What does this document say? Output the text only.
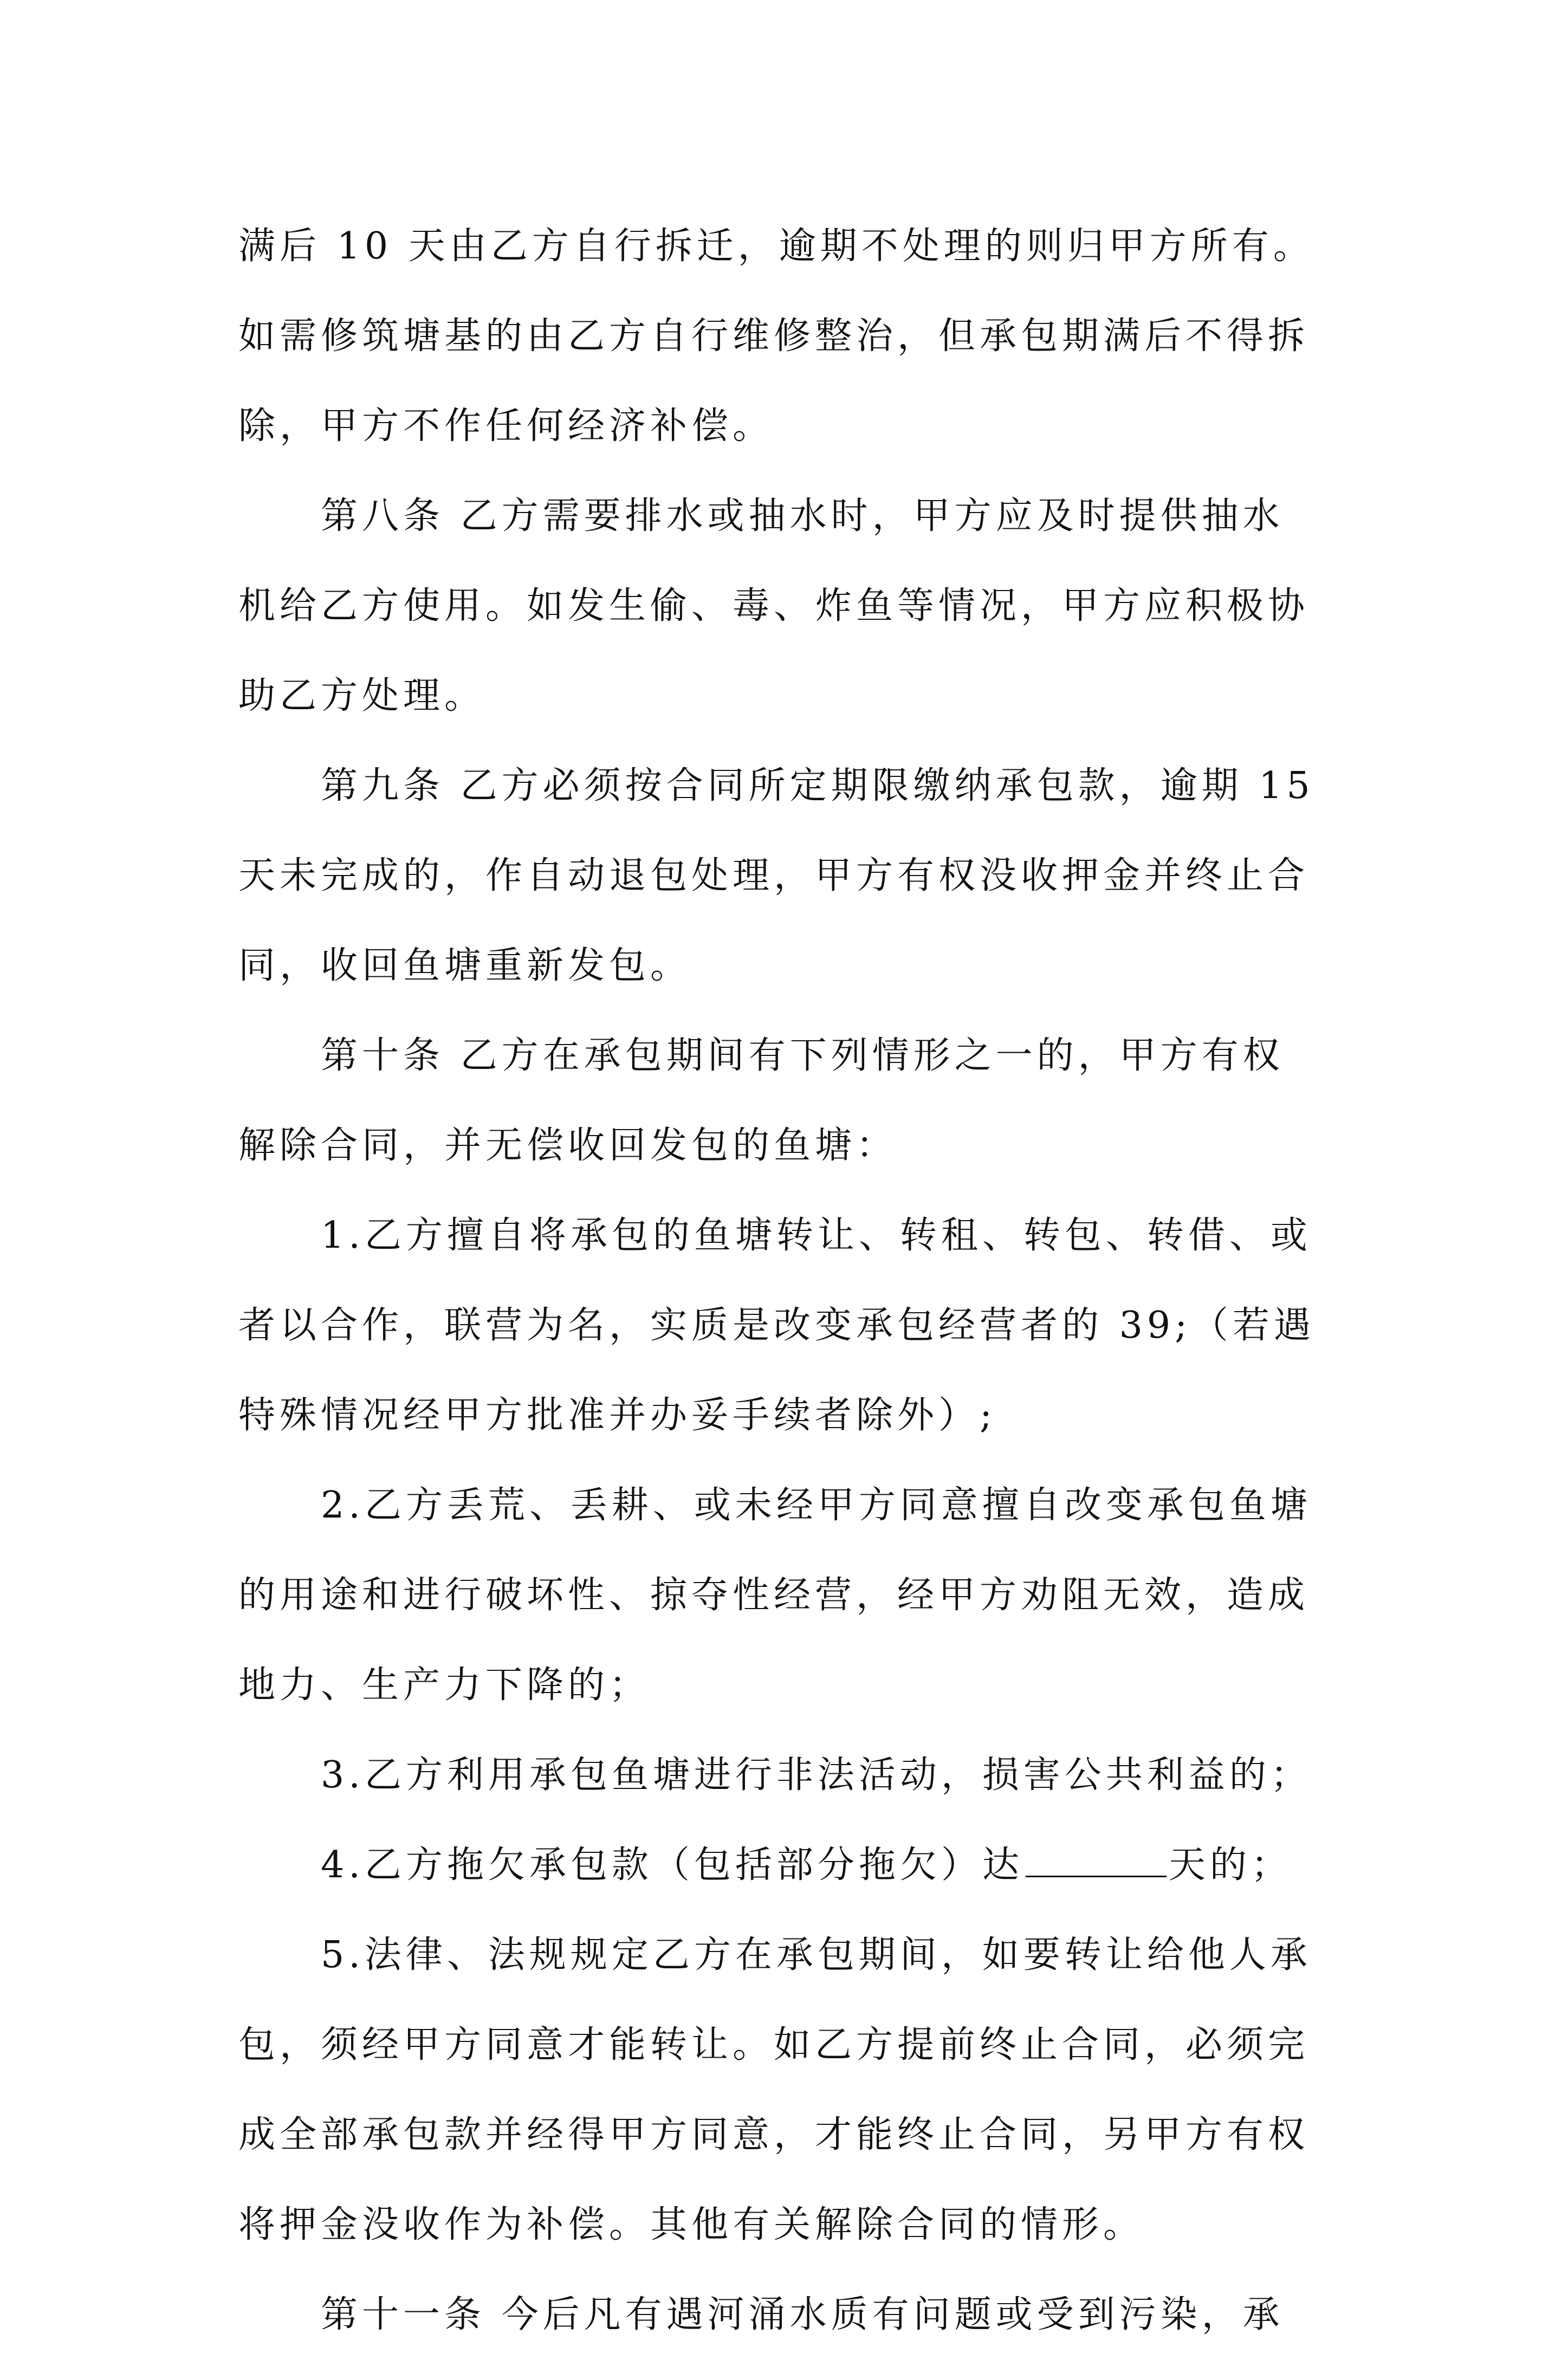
满后 10 天由乙方自行拆迁，逾期不处理的则归甲方所有。
如需修筑塘基的由乙方自行维修整治，但承包期满后不得拆
除，甲方不作任何经济补偿。

第八条 乙方需要排水或抽水时，甲方应及时提供抽水
机给乙方使用。如发生偷、毒、炸鱼等情况，甲方应积极协
助乙方处理。

第九条 乙方必须按合同所定期限缴纳承包款，逾期 15
天未完成的，作自动退包处理，甲方有权没收押金并终止合
同，收回鱼塘重新发包。

第十条 乙方在承包期间有下列情形之一的，甲方有权
解除合同，并无偿收回发包的鱼塘：

1.乙方擅自将承包的鱼塘转让、转租、转包、转借、或
者以合作，联营为名，实质是改变承包经营者的 39;（若遇
特殊情况经甲方批准并办妥手续者除外）;

2.乙方丢荒、丢耕、或未经甲方同意擅自改变承包鱼塘
的用途和进行破坏性、掠夺性经营，经甲方劝阻无效，造成
地力、生产力下降的；

3.乙方利用承包鱼塘进行非法活动，损害公共利益的；

4.乙方拖欠承包款（包括部分拖欠）达	天的；

5.法律、法规规定乙方在承包期间，如要转让给他人承
包，须经甲方同意才能转让。如乙方提前终止合同，必须完
成全部承包款并经得甲方同意，才能终止合同，另甲方有权
将押金没收作为补偿。其他有关解除合同的情形。

第十一条 今后凡有遇河涌水质有问题或受到污染，承
